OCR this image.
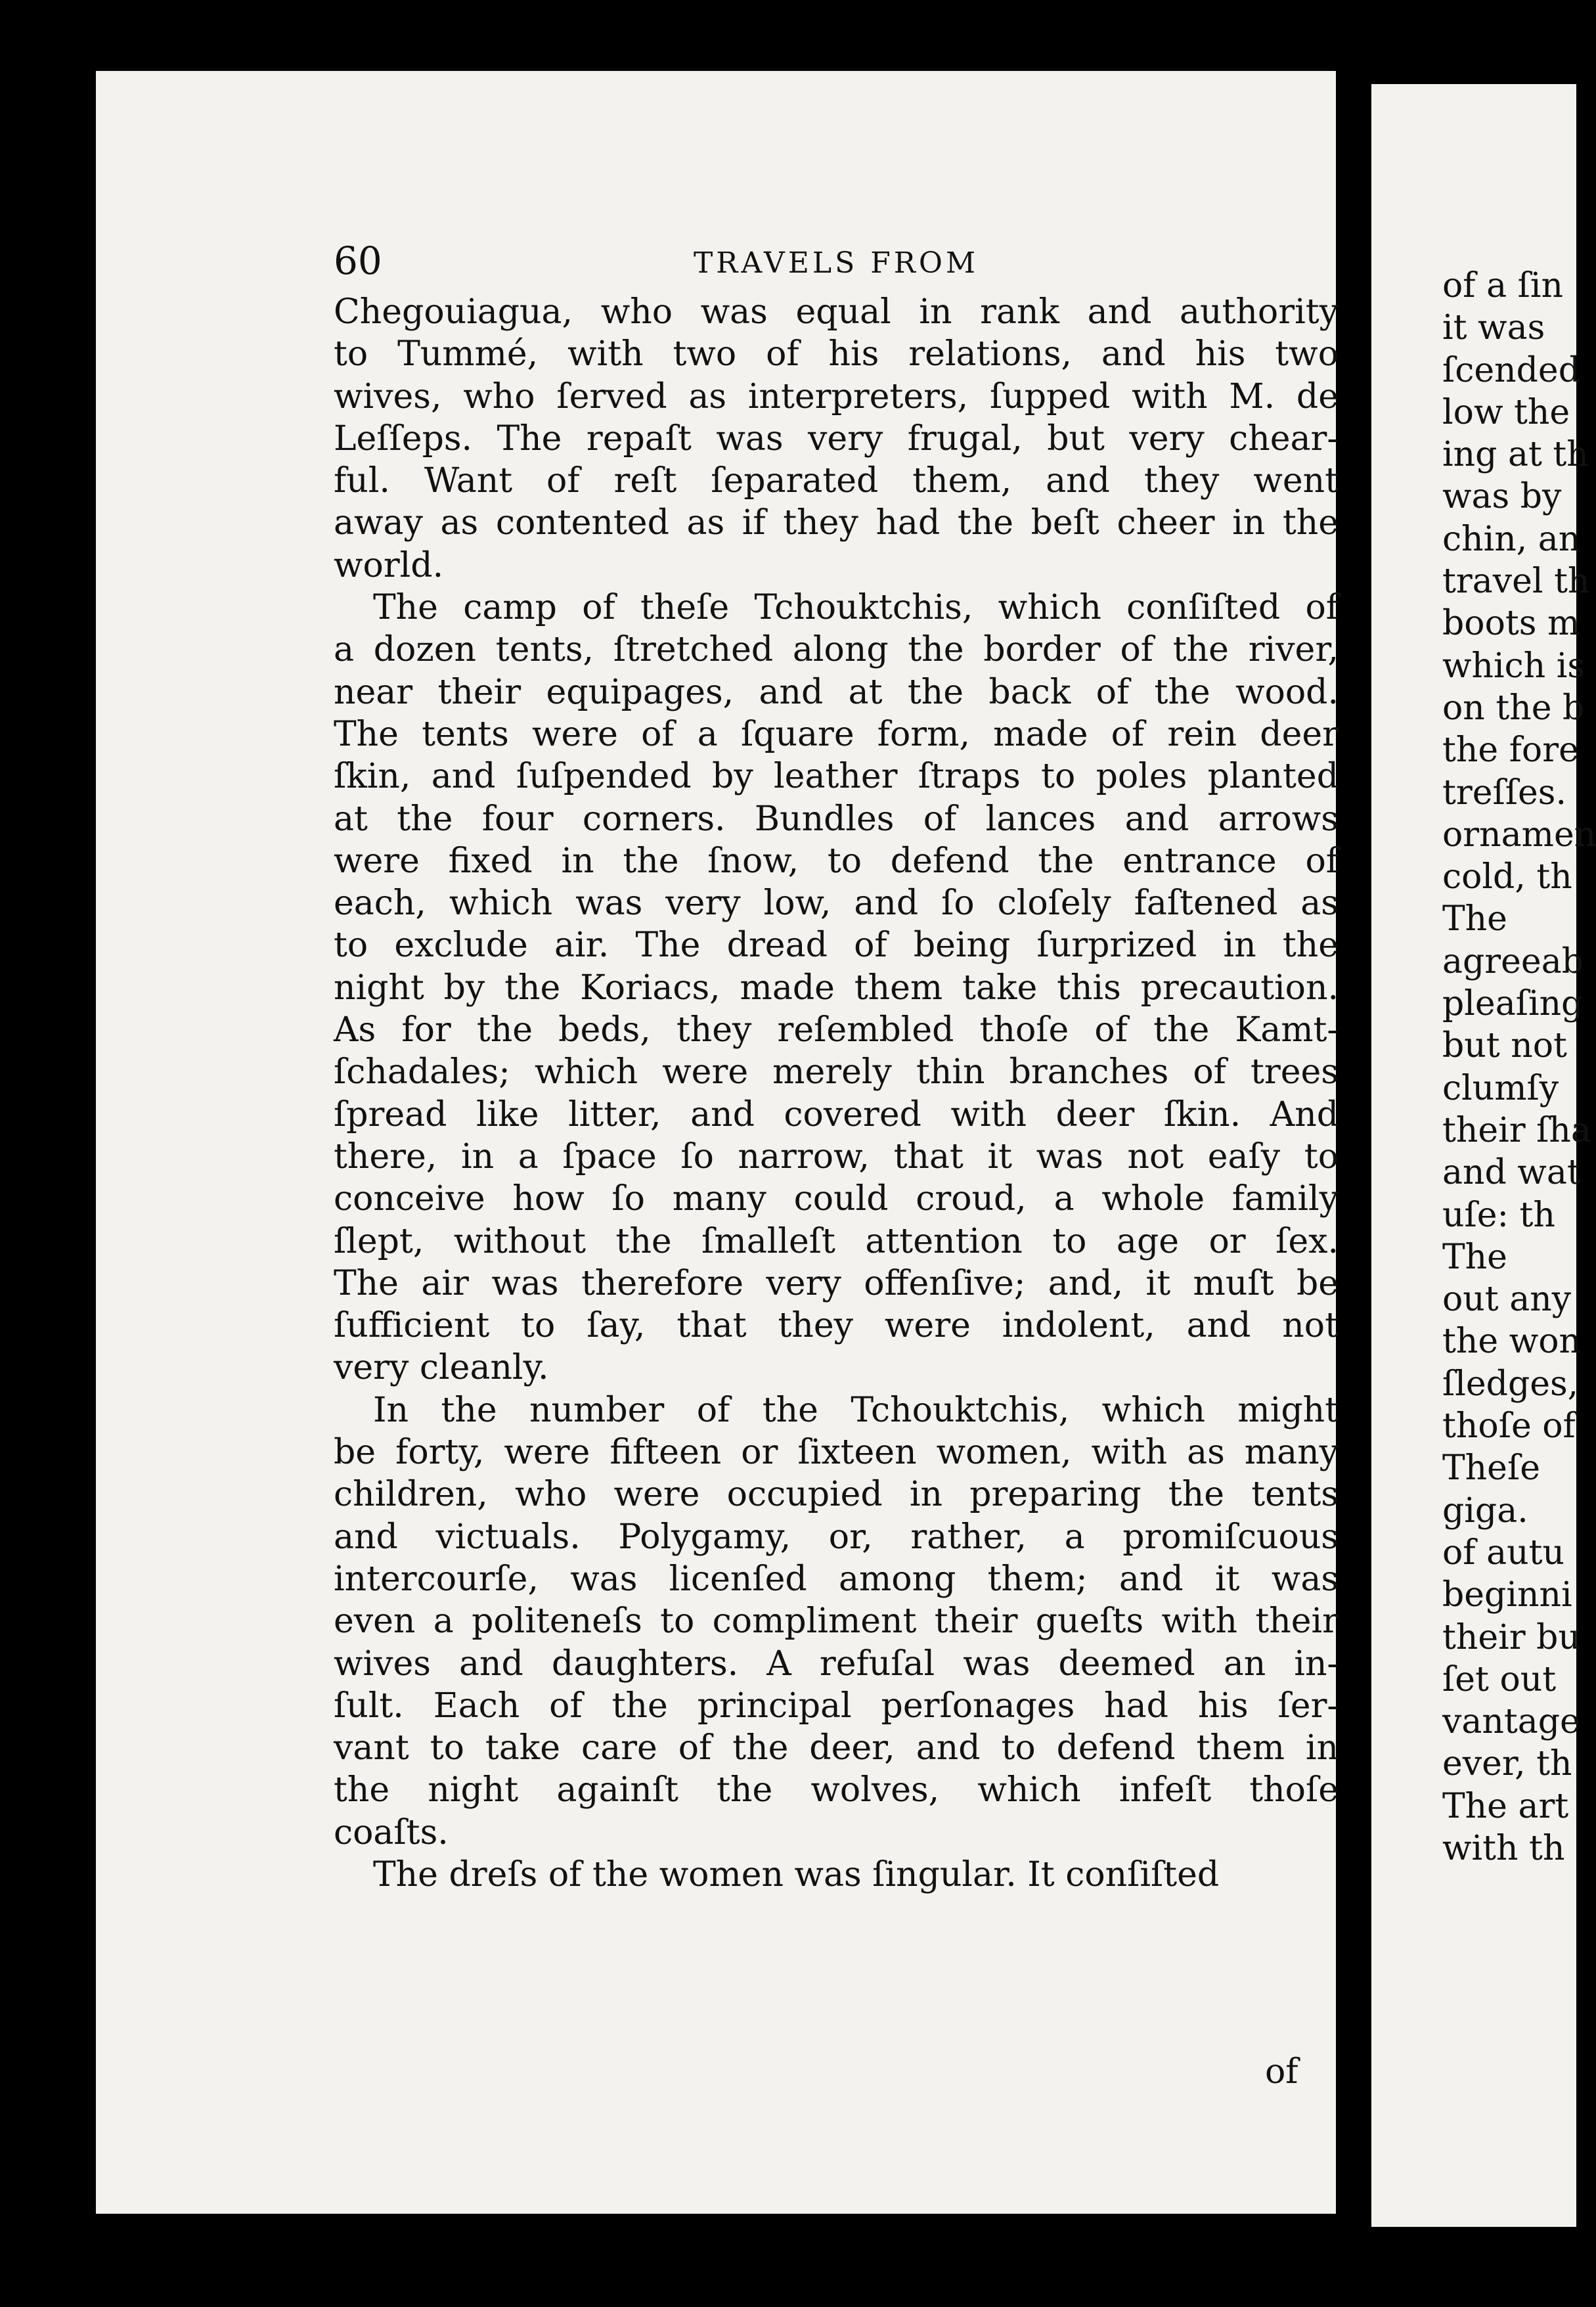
60	TRAVELS FROM
Chegouiagua, who was equal in rank and authority
to Tummé, with two of his relations, and his two
wives, who ſerved as interpreters, ſupped with M. de
Leſſeps. The repaſt was very frugal, but very chear-
ful. Want of reſt ſeparated them, and they went
away as contented as if they had the beſt cheer in the
world.
The camp of theſe Tchouktchis, which conſiſted of
a dozen tents, ſtretched along the border of the river,
near their equipages, and at the back of the wood.
The tents were of a ſquare form, made of rein deer
ſkin, and ſuſpended by leather ſtraps to poles planted
at the four corners. Bundles of lances and arrows
were fixed in the ſnow, to defend the entrance of
each, which was very low, and ſo cloſely faſtened as
to exclude air. The dread of being ſurprized in the
night by the Koriacs, made them take this precaution.
As for the beds, they reſembled thoſe of the Kamt-
ſchadales; which were merely thin branches of trees
ſpread like litter, and covered with deer ſkin. And
there, in a ſpace ſo narrow, that it was not eaſy to
conceive how ſo many could croud, a whole family
ſlept, without the ſmalleſt attention to age or ſex.
The air was therefore very offenſive; and, it muſt be
ſufficient to ſay, that they were indolent, and not
very cleanly.
In the number of the Tchouktchis, which might
be forty, were fifteen or ſixteen women, with as many
children, who were occupied in preparing the tents
and victuals. Polygamy, or, rather, a promiſcuous
intercourſe, was licenſed among them; and it was
even a politeneſs to compliment their gueſts with their
wives and daughters. A refuſal was deemed an in-
ſult. Each of the principal perſonages had his ſer-
vant to take care of the deer, and to defend them in
the night againſt the wolves, which infeſt thoſe
coaſts.
The dreſs of the women was ſingular. It conſiſted
of
of a ſin
it was
ſcended
low the
ing at th
was by
chin, an
travel th
boots m
which is
on the b
the fore
treſſes.
ornamen
cold, th
The
agreeab
pleaſing
but not
clumſy
their ſha
and wat
uſe: th
The
out any
the won
ſledges,
thoſe of
Theſe
giga.
of autu
beginni
their bu
ſet out
vantage
ever, th
The art
with th
